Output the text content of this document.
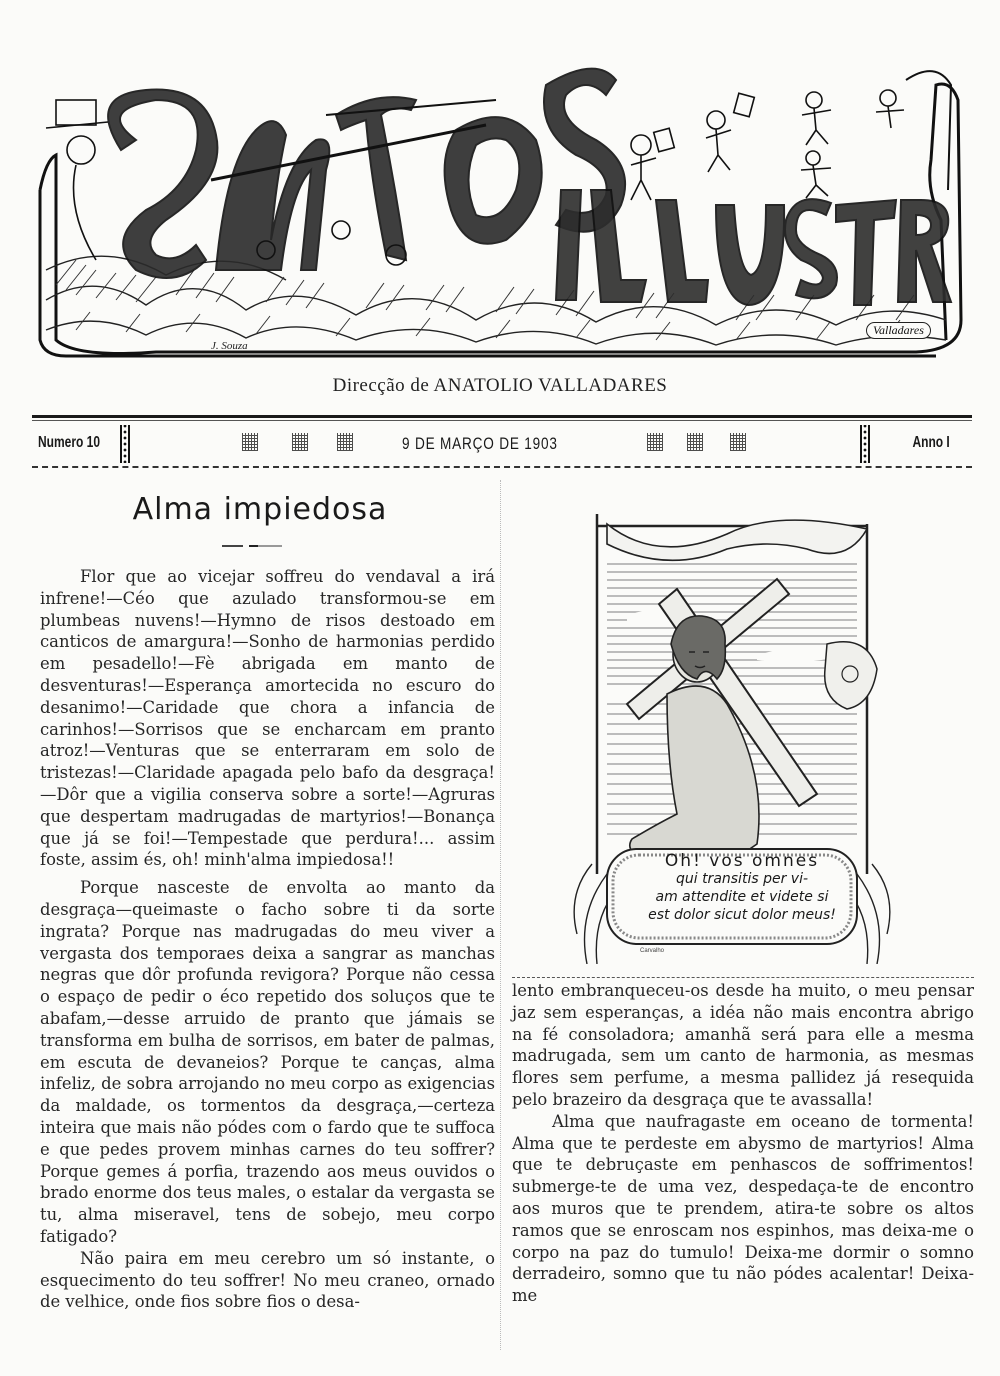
J. Souza
Valladares
Direcção de ANATOLIO VALLADARES
Numero 10	9 DE MARÇO DE 1903	Anno I
Alma impiedosa

Flor que ao vicejar soffreu do vendaval a irá infrene!—Céo que azulado transformou-se em plumbeas nuvens!—Hymno de risos destoado em canticos de amargura!—Sonho de harmonias perdido em pesadello!—Fè abrigada em manto de desventuras!—Esperança amortecida no escuro do desanimo!—Caridade que chora a infancia de carinhos!—Sorrisos que se encharcam em pranto atroz!—Venturas que se enterraram em solo de tristezas!—Claridade apagada pelo bafo da desgraça!—Dôr que a vigilia conserva sobre a sorte!—Agruras que despertam madrugadas de martyrios!—Bonança que já se foi!—Tempestade que perdura!... assim foste, assim és, oh! minh'alma impiedosa!!

Porque nasceste de envolta ao manto da desgraça—queimaste o facho sobre ti da sorte ingrata? Porque nas madrugadas do meu viver a vergasta dos temporaes deixa a sangrar as manchas negras que dôr profunda revigora? Porque não cessa o espaço de pedir o éco repetido dos soluços que te abafam,—desse arruido de pranto que jámais se transforma em bulha de sorrisos, em bater de palmas, em escuta de devaneios? Porque te canças, alma infeliz, de sobra arrojando no meu corpo as exigencias da maldade, os tormentos da desgraça,—certeza inteira que mais não pódes com o fardo que te suffoca e que pedes provem minhas carnes do teu soffrer? Porque gemes á porfia, trazendo aos meus ouvidos o brado enorme dos teus males, o estalar da vergasta se tu, alma miseravel, tens de sobejo, meu corpo fatigado?

Não paira em meu cerebro um só instante, o esquecimento do teu soffrer! No meu craneo, ornado de velhice, onde fios sobre fios o desa-

Oh! vos omnes
qui transitis per vi-
am attendite et videte si
est dolor sicut dolor meus!
Carvalho

lento embranqueceu-os desde ha muito, o meu pensar jaz sem esperanças, a idéa não mais encontra abrigo na fé consoladora; amanhã será para elle a mesma madrugada, sem um canto de harmonia, as mesmas flores sem perfume, a mesma pallidez já resequida pelo brazeiro da desgraça que te avassalla!

Alma que naufragaste em oceano de tormenta! Alma que te perdeste em abysmo de martyrios! Alma que te debruçaste em penhascos de soffrimentos! submerge-te de uma vez, despedaça-te de encontro aos muros que te prendem, atira-te sobre os altos ramos que se enroscam nos espinhos, mas deixa-me o corpo na paz do tumulo! Deixa-me dormir o somno derradeiro, somno que tu não pódes acalentar! Deixa-me
